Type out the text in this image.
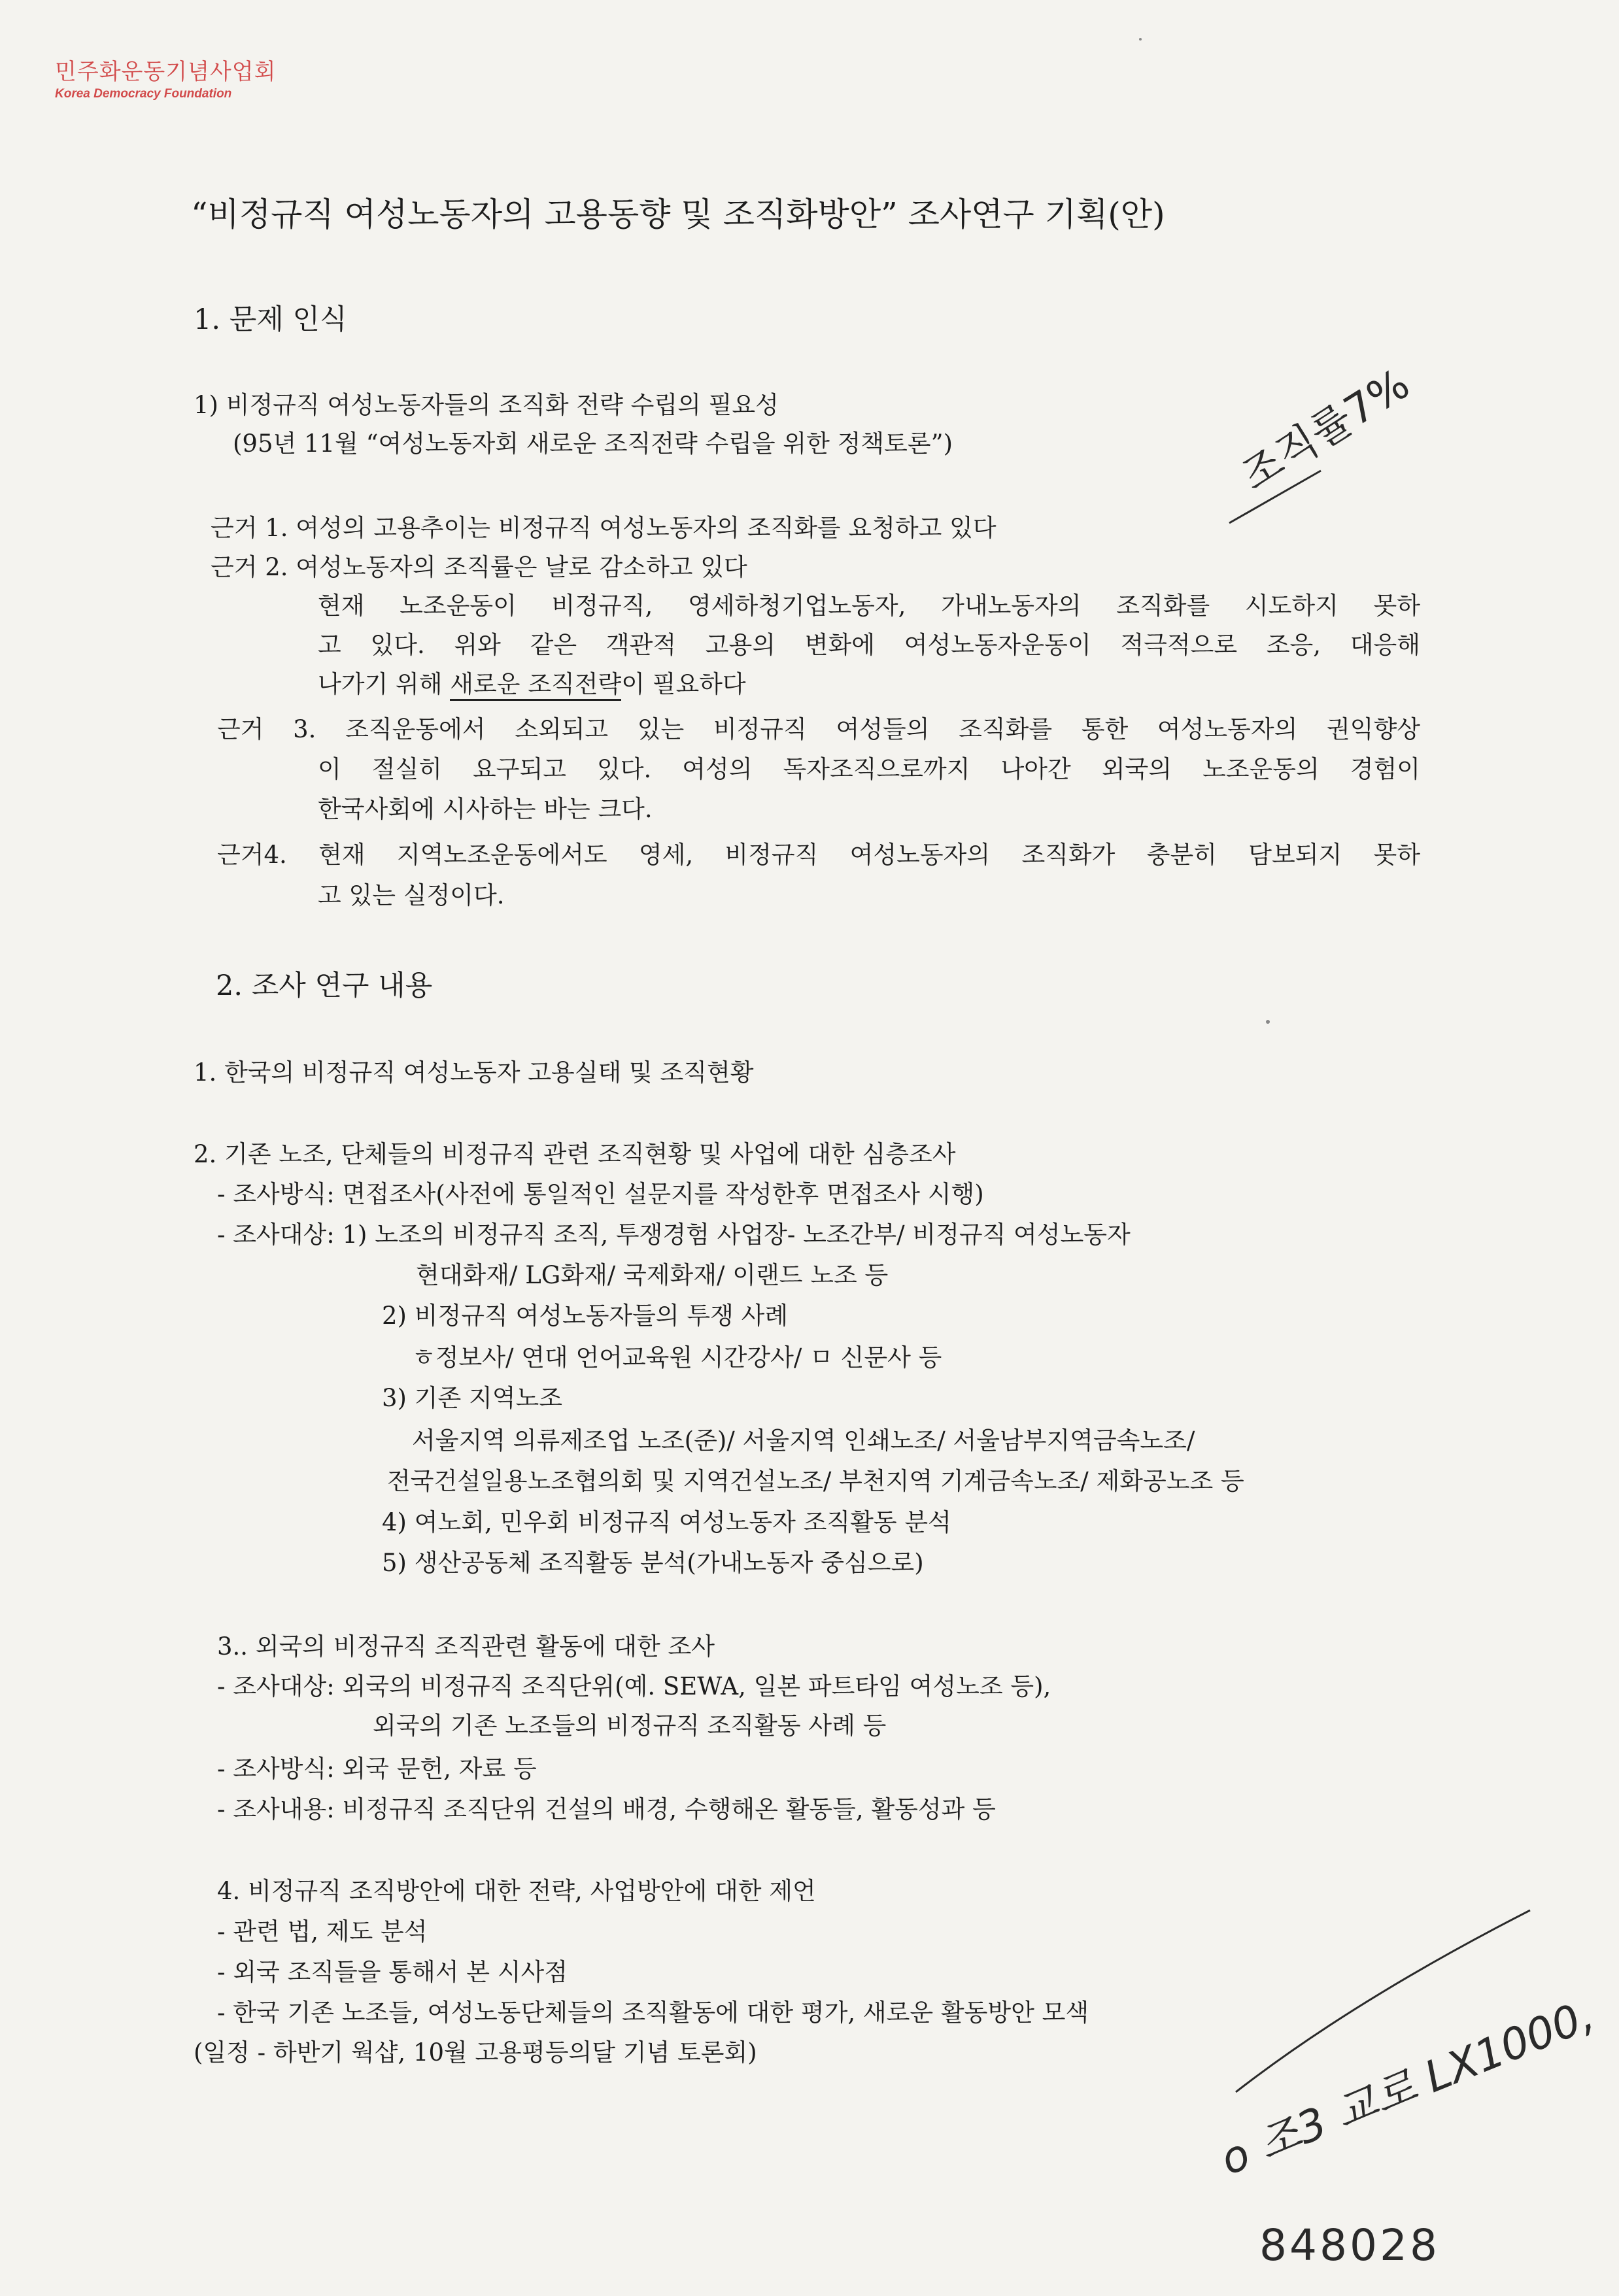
민주화운동기념사업회
Korea Democracy Foundation
“비정규직 여성노동자의 고용동향 및 조직화방안” 조사연구 기획(안)
1. 문제 인식
1) 비정규직 여성노동자들의 조직화 전략 수립의 필요성
(95년 11월 “여성노동자회 새로운 조직전략 수립을 위한 정책토론”)
근거 1. 여성의 고용추이는 비정규직 여성노동자의 조직화를 요청하고 있다
근거 2. 여성노동자의 조직률은 날로 감소하고 있다
현재 노조운동이 비정규직, 영세하청기업노동자, 가내노동자의 조직화를 시도하지 못하
고 있다. 위와 같은 객관적 고용의 변화에 여성노동자운동이 적극적으로 조응, 대응해
나가기 위해 새로운 조직전략이 필요하다
근거 3. 조직운동에서 소외되고 있는 비정규직 여성들의 조직화를 통한 여성노동자의 권익향상
이 절실히 요구되고 있다. 여성의 독자조직으로까지 나아간 외국의 노조운동의 경험이
한국사회에 시사하는 바는 크다.
근거4. 현재 지역노조운동에서도 영세, 비정규직 여성노동자의 조직화가 충분히 담보되지 못하
고 있는 실정이다.
2. 조사 연구 내용
1. 한국의 비정규직 여성노동자 고용실태 및 조직현황
2. 기존 노조, 단체들의 비정규직 관련 조직현황 및 사업에 대한 심층조사
- 조사방식: 면접조사(사전에 통일적인 설문지를 작성한후 면접조사 시행)
- 조사대상: 1) 노조의 비정규직 조직, 투쟁경험 사업장- 노조간부/ 비정규직 여성노동자
현대화재/ LG화재/ 국제화재/ 이랜드 노조 등
2) 비정규직 여성노동자들의 투쟁 사례
ㅎ정보사/ 연대 언어교육원 시간강사/ ㅁ 신문사 등
3) 기존 지역노조
서울지역 의류제조업 노조(준)/ 서울지역 인쇄노조/ 서울남부지역금속노조/
전국건설일용노조협의회 및 지역건설노조/ 부천지역 기계금속노조/ 제화공노조 등
4) 여노회, 민우회 비정규직 여성노동자 조직활동 분석
5) 생산공동체 조직활동 분석(가내노동자 중심으로)
3.. 외국의 비정규직 조직관련 활동에 대한 조사
- 조사대상: 외국의 비정규직 조직단위(예. SEWA, 일본 파트타임 여성노조 등),
외국의 기존 노조들의 비정규직 조직활동 사례 등
- 조사방식: 외국 문헌, 자료 등
- 조사내용: 비정규직 조직단위 건설의 배경, 수행해온 활동들, 활동성과 등
4. 비정규직 조직방안에 대한 전략, 사업방안에 대한 제언
- 관련 법, 제도 분석
- 외국 조직들을 통해서 본 시사점
- 한국 기존 노조들, 여성노동단체들의 조직활동에 대한 평가, 새로운 활동방안 모색
(일정 - 하반기 웍샵, 10월 고용평등의달 기념 토론회)
조직률7%
o 조3 교로 LX1000,
848028
